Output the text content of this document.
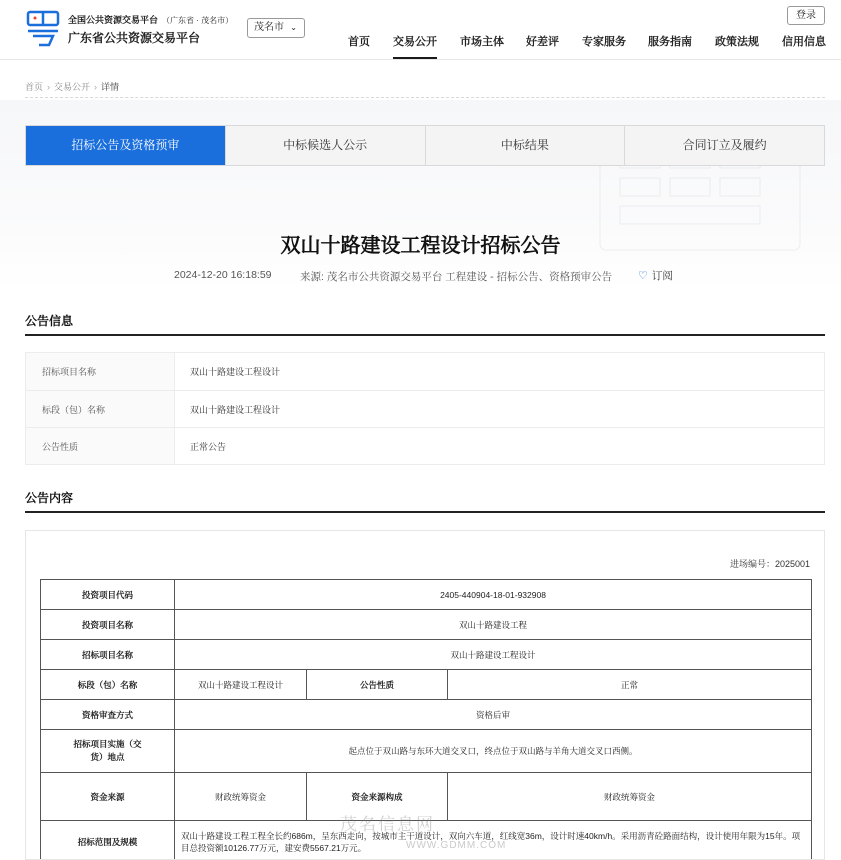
全国公共资源交易平台 （广东省 · 茂名市）
广东省公共资源交易平台
茂名市 ⌄
登录
首页 交易公开 市场主体 好差评 专家服务 服务指南 政策法规 信用信息
首页 › 交易公开 › 详情
招标公告及资格预审	中标候选人公示	中标结果	合同订立及履约
双山十路建设工程设计招标公告
2024-12-20 16:18:59	来源: 茂名市公共资源交易平台 工程建设 - 招标公告、资格预审公告 ♡ 订阅
公告信息
招标项目名称	双山十路建设工程设计
标段（包）名称	双山十路建设工程设计
公告性质	正常公告
公告内容
进场编号：2025001
投资项目代码	2405-440904-18-01-932908		
投资项目名称	双山十路建设工程		
招标项目名称	双山十路建设工程设计		
标段（包）名称	双山十路建设工程设计	公告性质	正常
资格审查方式	资格后审		
招标项目实施（交货）地点	起点位于双山路与东环大道交叉口，终点位于双山路与羊角大道交叉口西侧。		
资金来源	财政统筹资金	资金来源构成	财政统筹资金
招标范围及规模	双山十路建设工程工程全长约686m，呈东西走向，按城市主干道设计，双向六车道，红线宽36m，设计时速40km/h。采用沥青砼路面结构，设计使用年限为15年。项目总投资额10126.77万元，建安费5567.21万元。		
茂名信息网
WWW.GDMM.COM
